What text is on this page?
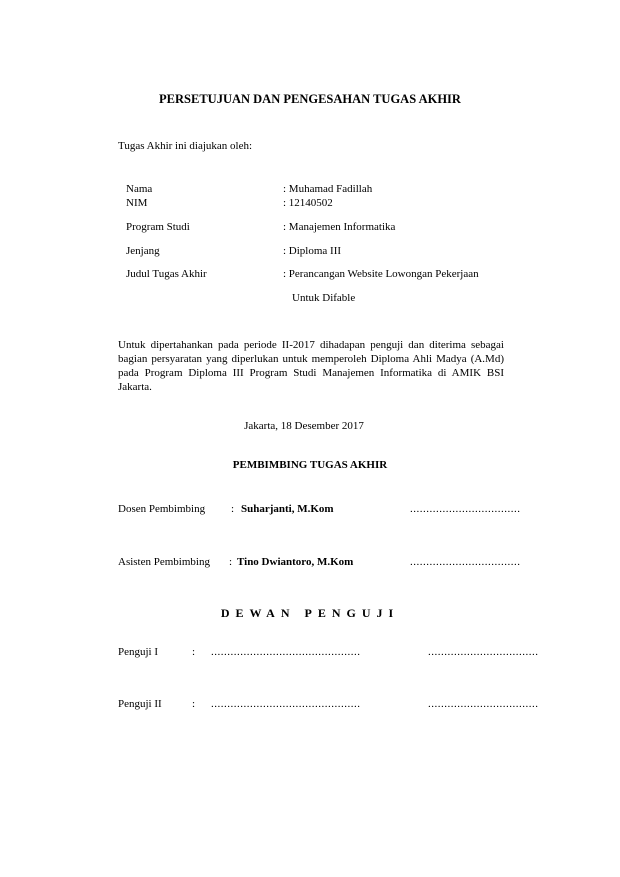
PERSETUJUAN DAN PENGESAHAN TUGAS AKHIR
Tugas Akhir ini diajukan oleh:
Nama	: Muhamad Fadillah
NIM	: 12140502
Program Studi	: Manajemen Informatika
Jenjang	: Diploma III
Judul Tugas Akhir	: Perancangan Website Lowongan Pekerjaan
Untuk Difable
Untuk dipertahankan pada periode II-2017 dihadapan penguji dan diterima sebagai bagian persyaratan yang diperlukan untuk memperoleh Diploma Ahli Madya (A.Md) pada Program Diploma III Program Studi Manajemen Informatika di AMIK BSI Jakarta.
Jakarta, 18 Desember 2017
PEMBIMBING TUGAS AKHIR
Dosen Pembimbing : Suharjanti, M.Kom	..................................
Asisten Pembimbing : Tino Dwiantoro, M.Kom	..................................
DEWAN PENGUJI
Penguji I	: ..............................................	..................................
Penguji II	: ..............................................	..................................
